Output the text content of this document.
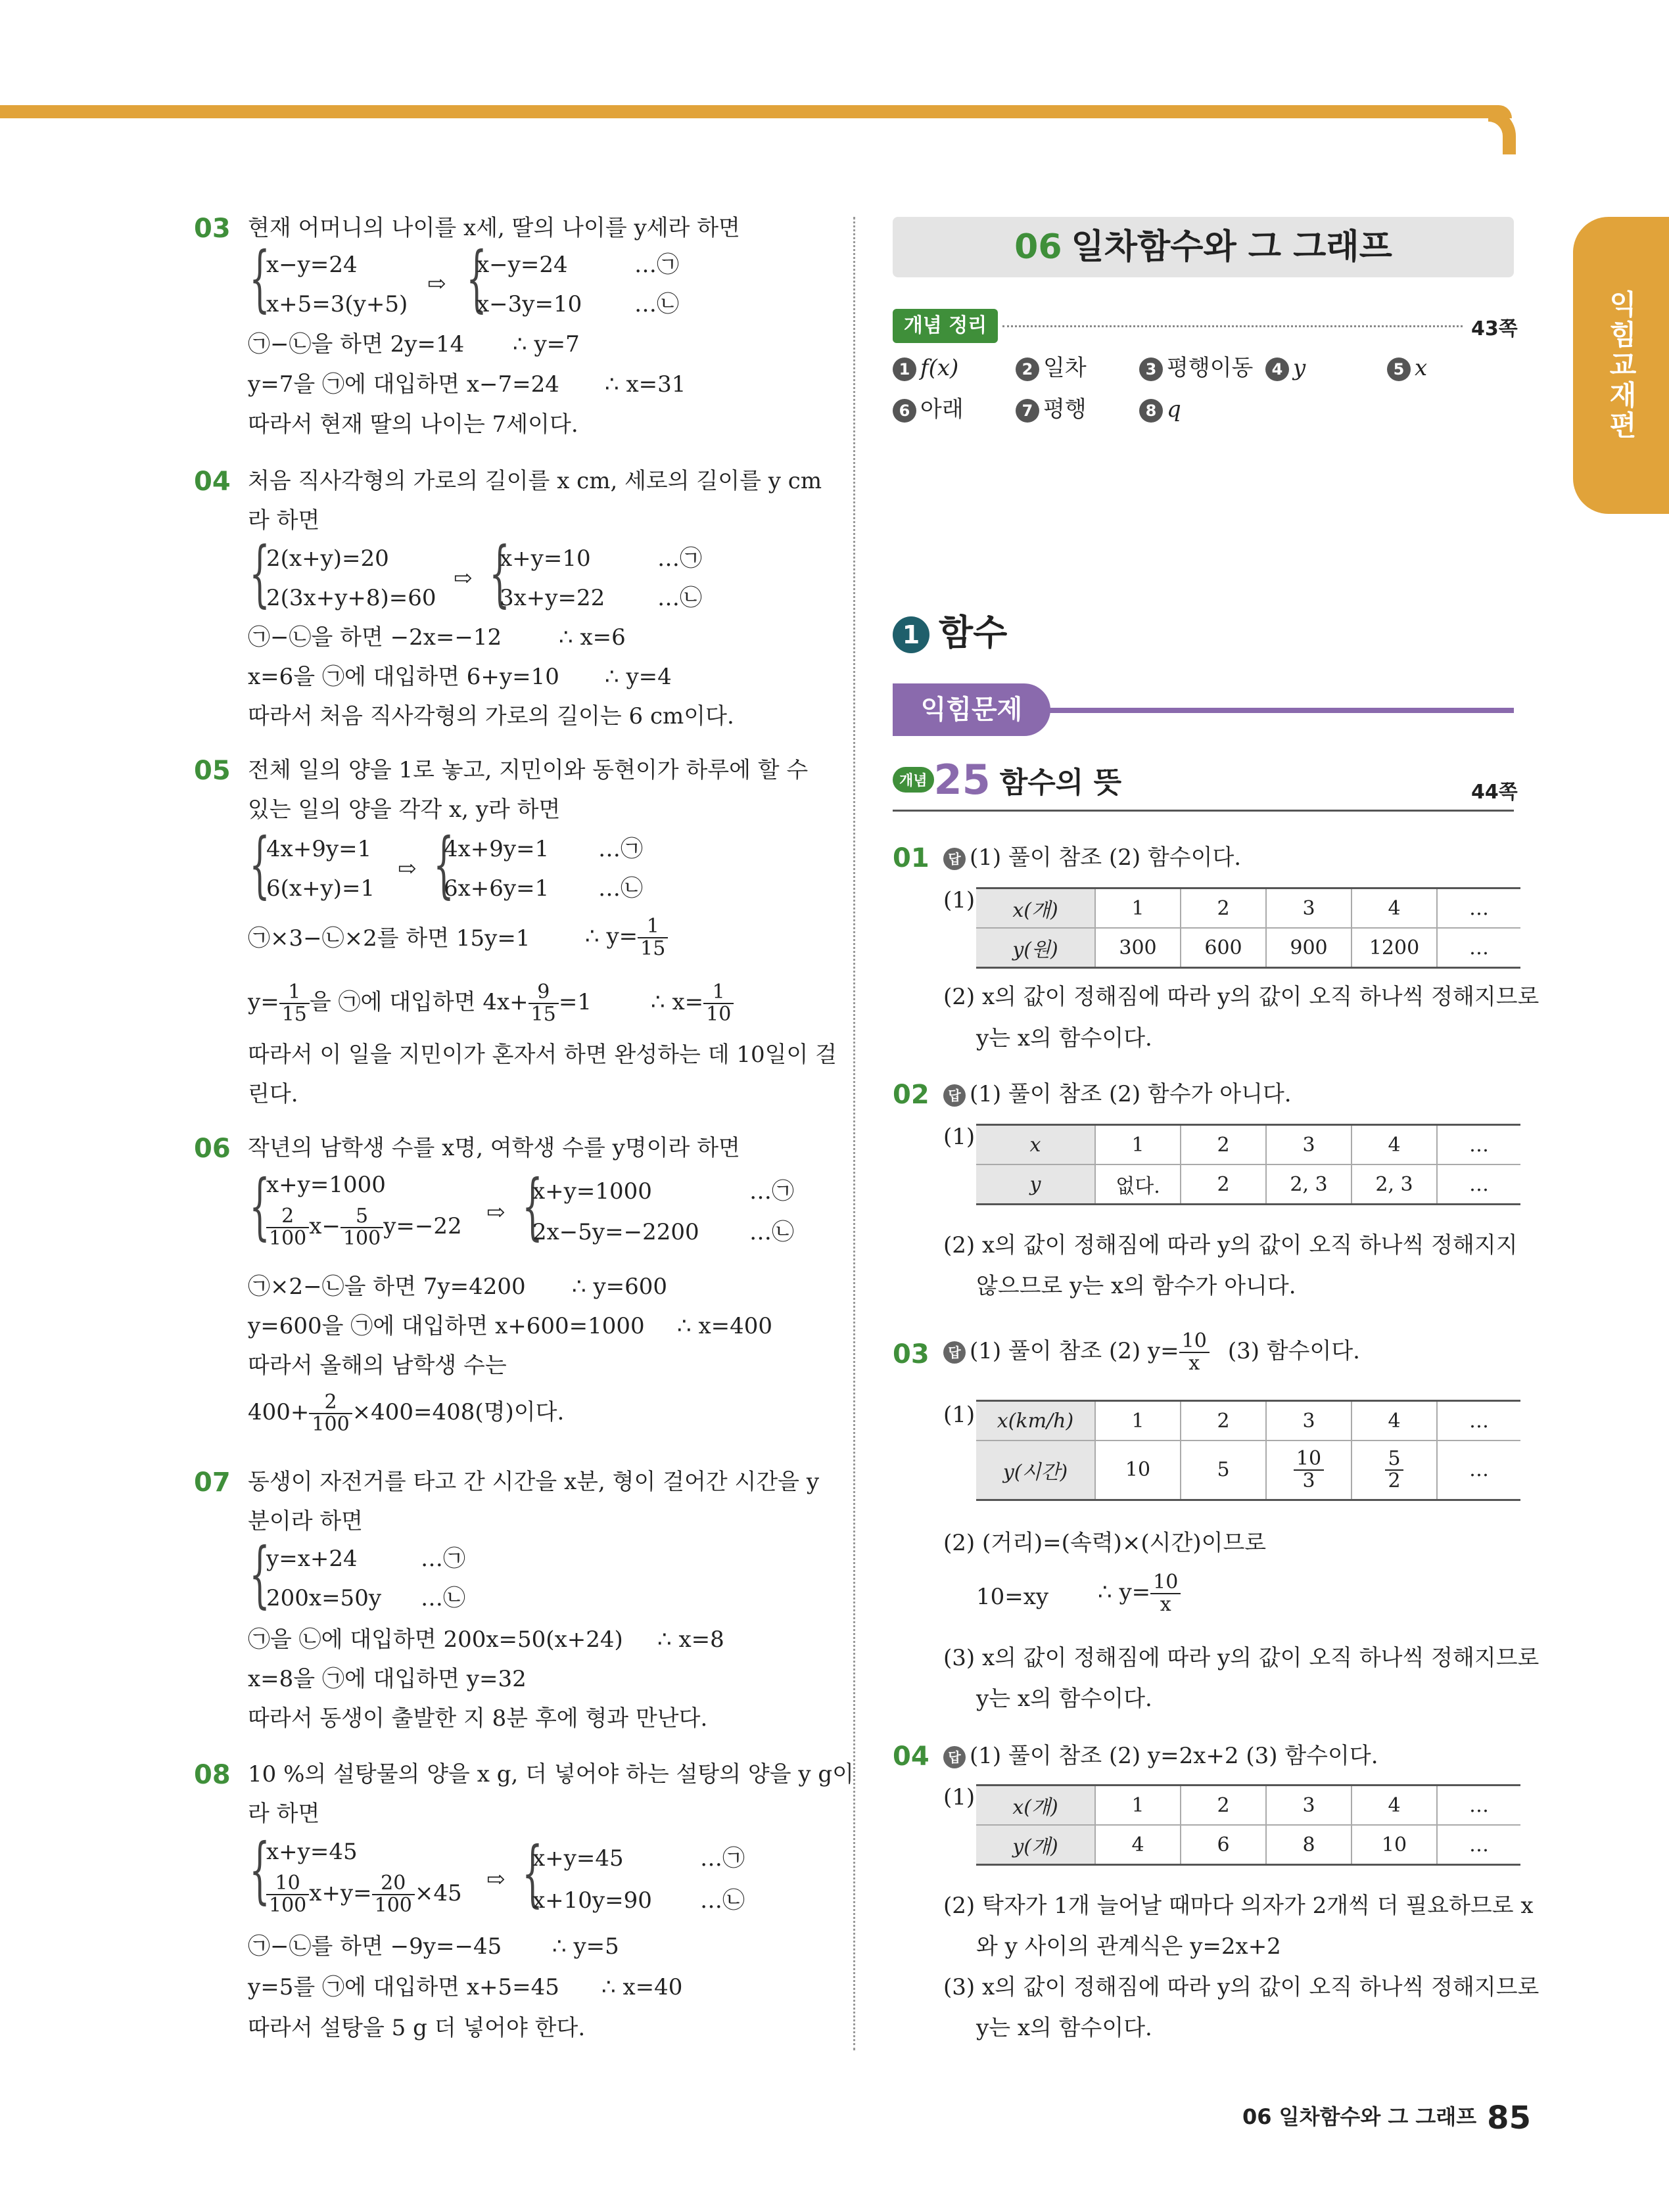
익힘교재편
03 현재 어머니의 나이를 x세, 딸의 나이를 y세라 하면
{
x−y=24
x+5=3(y+5)
⇨ {
x−y=24
x−3y=10
…㉠
…㉡
㉠−㉡을 하면 2y=14 ∴ y=7
y=7을 ㉠에 대입하면 x−7=24 ∴ x=31
따라서 현재 딸의 나이는 7세이다.
04 처음 직사각형의 가로의 길이를 x cm, 세로의 길이를 y cm
라 하면
{
2(x+y)=20
2(3x+y+8)=60
⇨ {
x+y=10
3x+y=22
…㉠
…㉡
㉠−㉡을 하면 −2x=−12	∴ x=6
x=6을 ㉠에 대입하면 6+y=10 ∴ y=4
따라서 처음 직사각형의 가로의 길이는 6 cm이다.
05 전체 일의 양을 1로 놓고, 지민이와 동현이가 하루에 할 수
있는 일의 양을 각각 x, y라 하면
{
4x+9y=1
6(x+y)=1
⇨ {
4x+9y=1
6x+6y=1
…㉠
…㉡
㉠×3−㉡×2를 하면 15y=1 ∴ $y= \frac{1}{15}$
$y= \frac{1}{15}$ 을 ㉠에 대입하면 $4x+ \frac{9}{15} =1$	∴ $x= \frac{1}{10}$
따라서 이 일을 지민이가 혼자서 하면 완성하는 데 10일이 걸
린다.
06 작년의 남학생 수를 x명, 여학생 수를 y명이라 하면
{
x+y=1000
$\frac{2}{100} x- \frac{5}{100} y=-22$
⇨ {
x+y=1000
2x−5y=−2200
…㉠
…㉡
㉠×2−㉡을 하면 7y=4200 ∴ y=600
y=600을 ㉠에 대입하면 x+600=1000 ∴ x=400
따라서 올해의 남학생 수는
$400+ \frac{2}{100} \times 400=408$(명)이다.
07 동생이 자전거를 타고 간 시간을 x분, 형이 걸어간 시간을 y
분이라 하면
{
y=x+24
200x=50y
…㉠
…㉡
㉠을 ㉡에 대입하면 200x=50(x+24) ∴ x=8
x=8을 ㉠에 대입하면 y=32
따라서 동생이 출발한 지 8분 후에 형과 만난다.
08 10 %의 설탕물의 양을 x g, 더 넣어야 하는 설탕의 양을 y g이
라 하면
{
x+y=45
$\frac{10}{100} x+y= \frac{20}{100} \times 45$
⇨ {
x+y=45
x+10y=90
…㉠
…㉡
㉠−㉡를 하면 −9y=−45 ∴ y=5
y=5를 ㉠에 대입하면 x+5=45 ∴ x=40
따라서 설탕을 5 g 더 넣어야 한다.
06 일차함수와 그 그래프
개념 정리	43쪽
1 f(x)	2 일차	3 평행이동	4 y	5 x
6 아래	7 평행	8 q
1 함수
익힘문제
개념 25 함수의 뜻	44쪽
01	답 (1) 풀이 참조 (2) 함수이다.
(1) x(개)	1	2	3	4	…
y(원)	300	600	900	1200	…
(2) x의 값이 정해짐에 따라 y의 값이 오직 하나씩 정해지므로
y는 x의 함수이다.
02	답 (1) 풀이 참조 (2) 함수가 아니다.
(1)	x	1	2	3	4	…
y	없다.	2	2, 3	2, 3	…
(2) x의 값이 정해짐에 따라 y의 값이 오직 하나씩 정해지지
않으므로 y는 x의 함수가 아니다.
03	답 (1) 풀이 참조 (2) $y= \frac{10}{x} (3)$ 함수이다.
(1) x(km/h)	1	2	3	4	…
y(시간)	10	5	$\frac{10}{3}$	$\frac{5}{2}$	…
(2) (거리)=(속력)×(시간)이므로
10=xy ∴ $y= \frac{10}{x}$
(3) x의 값이 정해짐에 따라 y의 값이 오직 하나씩 정해지므로
y는 x의 함수이다.
04	답 (1) 풀이 참조 (2) y=2x+2 (3) 함수이다.
(1) x(개)	1	2	3	4	…
y(개)	4	6	8	10	…
(2) 탁자가 1개 늘어날 때마다 의자가 2개씩 더 필요하므로 x
와 y 사이의 관계식은 y=2x+2
(3) x의 값이 정해짐에 따라 y의 값이 오직 하나씩 정해지므로
y는 x의 함수이다.
06 일차함수와 그 그래프 85
